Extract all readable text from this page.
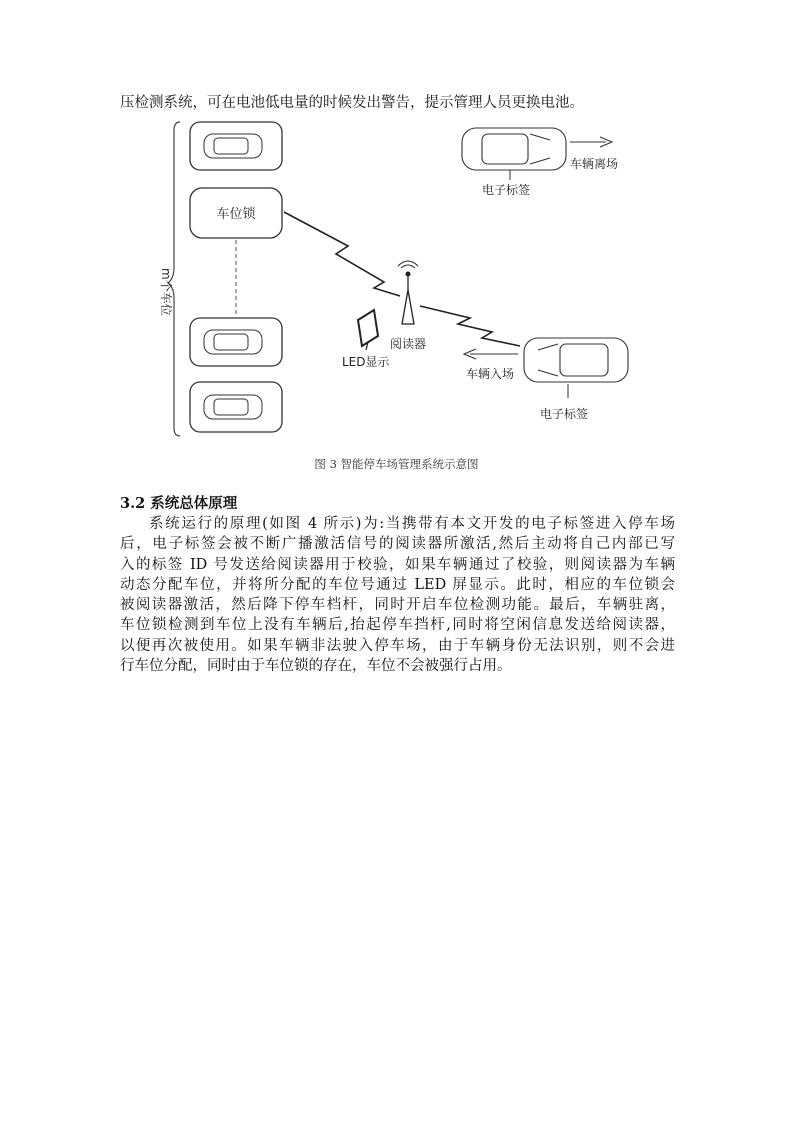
压检测系统，可在电池低电量的时候发出警告，提示管理人员更换电池。
m个车位
车位锁
阅读器
LED显示
车辆离场
电子标签
车辆入场
电子标签
图 3 智能停车场管理系统示意图
3.2 系统总体原理

系统运行的原理(如图 4 所示)为:当携带有本文开发的电子标签进入停车场

后，电子标签会被不断广播激活信号的阅读器所激活,然后主动将自己内部已写

入的标签 ID 号发送给阅读器用于校验，如果车辆通过了校验，则阅读器为车辆

动态分配车位，并将所分配的车位号通过 LED 屏显示。此时，相应的车位锁会

被阅读器激活，然后降下停车档杆，同时开启车位检测功能。最后，车辆驻离，

车位锁检测到车位上没有车辆后,抬起停车挡杆,同时将空闲信息发送给阅读器，

以便再次被使用。如果车辆非法驶入停车场，由于车辆身份无法识别，则不会进

行车位分配，同时由于车位锁的存在，车位不会被强行占用。
